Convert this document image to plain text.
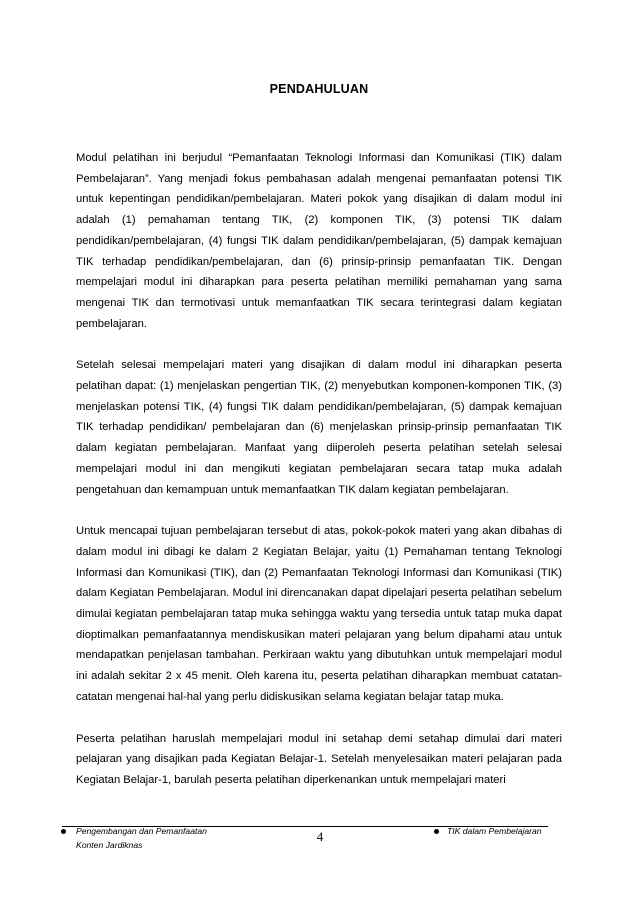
PENDAHULUAN

Modul pelatihan ini berjudul “Pemanfaatan Teknologi Informasi dan Komunikasi (TIK) dalam Pembelajaran”. Yang menjadi fokus pembahasan adalah mengenai pemanfaatan potensi TIK untuk kepentingan pendidikan/pembelajaran. Materi pokok yang disajikan di dalam modul ini adalah (1) pemahaman tentang TIK, (2) komponen TIK, (3) potensi TIK dalam pendidikan/pembelajaran, (4) fungsi TIK dalam pendidikan/pembelajaran, (5) dampak kemajuan TIK terhadap pendidikan/pembelajaran, dan (6) prinsip-prinsip pemanfaatan TIK. Dengan mempelajari modul ini diharapkan para peserta pelatihan memiliki pemahaman yang sama mengenai TIK dan termotivasi untuk memanfaatkan TIK secara terintegrasi dalam kegiatan pembelajaran.

Setelah selesai mempelajari materi yang disajikan di dalam modul ini diharapkan peserta pelatihan dapat: (1) menjelaskan pengertian TIK, (2) menyebutkan komponen-komponen TIK, (3) menjelaskan potensi TIK, (4) fungsi TIK dalam pendidikan/pembelajaran, (5) dampak kemajuan TIK terhadap pendidikan/ pembelajaran dan (6) menjelaskan prinsip-prinsip pemanfaatan TIK dalam kegiatan pembelajaran. Manfaat yang diiperoleh peserta pelatihan setelah selesai mempelajari modul ini dan mengikuti kegiatan pembelajaran secara tatap muka adalah pengetahuan dan kemampuan untuk memanfaatkan TIK dalam kegiatan pembelajaran.

Untuk mencapai tujuan pembelajaran tersebut di atas, pokok-pokok materi yang akan dibahas di dalam modul ini dibagi ke dalam 2 Kegiatan Belajar, yaitu (1) Pemahaman tentang Teknologi Informasi dan Komunikasi (TIK), dan (2) Pemanfaatan Teknologi Informasi dan Komunikasi (TIK) dalam Kegiatan Pembelajaran. Modul ini direncanakan dapat dipelajari peserta pelatihan sebelum dimulai kegiatan pembelajaran tatap muka sehingga waktu yang tersedia untuk tatap muka dapat dioptimalkan pemanfaatannya mendiskusikan materi pelajaran yang belum dipahami atau untuk mendapatkan penjelasan tambahan. Perkiraan waktu yang dibutuhkan untuk mempelajari modul ini adalah sekitar 2 x 45 menit. Oleh karena itu, peserta pelatihan diharapkan membuat catatan-catatan mengenai hal-hal yang perlu didiskusikan selama kegiatan belajar tatap muka.

Peserta pelatihan haruslah mempelajari modul ini setahap demi setahap dimulai dari materi pelajaran yang disajikan pada Kegiatan Belajar-1. Setelah menyelesaikan materi pelajaran pada Kegiatan Belajar-1, barulah peserta pelatihan diperkenankan untuk mempelajari materi

Pengembangan dan Pemanfaatan
Konten Jardiknas
4	TIK dalam Pembelajaran
